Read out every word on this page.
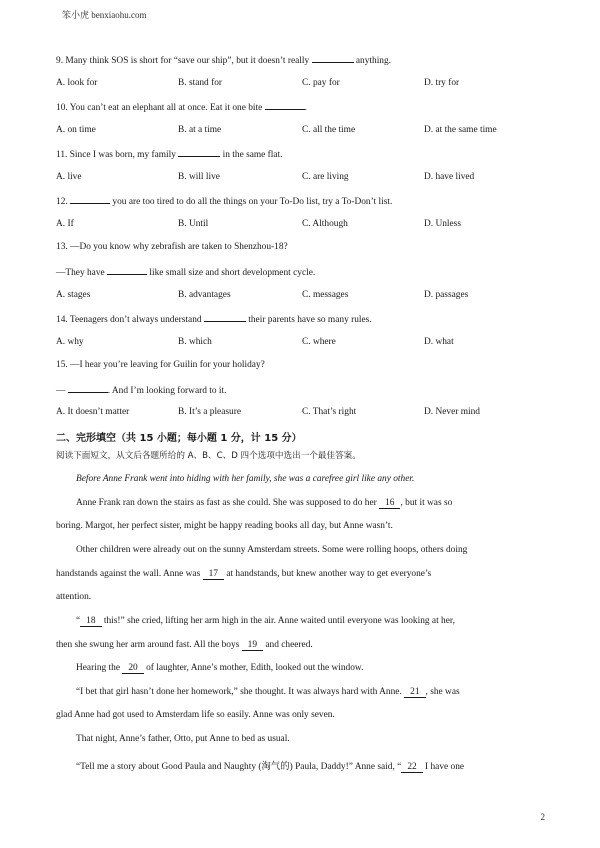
笨小虎 benxiaohu.com
9. Many think SOS is short for “save our ship”, but it doesn’t really	anything.
A. look for	B. stand for	C. pay for	D. try for
10. You can’t eat an elephant all at once. Eat it one bite	.
A. on time	B. at a time	C. all the time	D. at the same time
11. Since I was born, my family	in the same flat.
A. live	B. will live	C. are living	D. have lived
12.	you are too tired to do all the things on your To-Do list, try a To-Don’t list.
A. If	B. Until	C. Although	D. Unless
13. —Do you know why zebrafish are taken to Shenzhou-18?
—They have	like small size and short development cycle.
A. stages	B. advantages	C. messages	D. passages
14. Teenagers don’t always understand	their parents have so many rules.
A. why	B. which	C. where	D. what
15. —I hear you’re leaving for Guilin for your holiday?
—	. And I’m looking forward to it.
A. It doesn’t matter	B. It’s a pleasure	C. That’s right	D. Never mind
二、完形填空（共 15 小题；每小题 1 分，计 15 分）
阅读下面短文，从文后各题所给的 A、B、C、D 四个选项中选出一个最佳答案。
Before Anne Frank went into hiding with her family, she was a carefree girl like any other.
Anne Frank ran down the stairs as fast as she could. She was supposed to do her 16 , but it was so
boring. Margot, her perfect sister, might be happy reading books all day, but Anne wasn’t.
Other children were already out on the sunny Amsterdam streets. Some were rolling hoops, others doing
handstands against the wall. Anne was 17 at handstands, but knew another way to get everyone’s
attention.
“ 18 this!” she cried, lifting her arm high in the air. Anne waited until everyone was looking at her,
then she swung her arm around fast. All the boys 19 and cheered.
Hearing the 20 of laughter, Anne’s mother, Edith, looked out the window.
“I bet that girl hasn’t done her homework,” she thought. It was always hard with Anne. 21 , she was
glad Anne had got used to Amsterdam life so easily. Anne was only seven.
That night, Anne’s father, Otto, put Anne to bed as usual.
“Tell me a story about Good Paula and Naughty (淘气的) Paula, Daddy!” Anne said, “ 22 I have one
2
